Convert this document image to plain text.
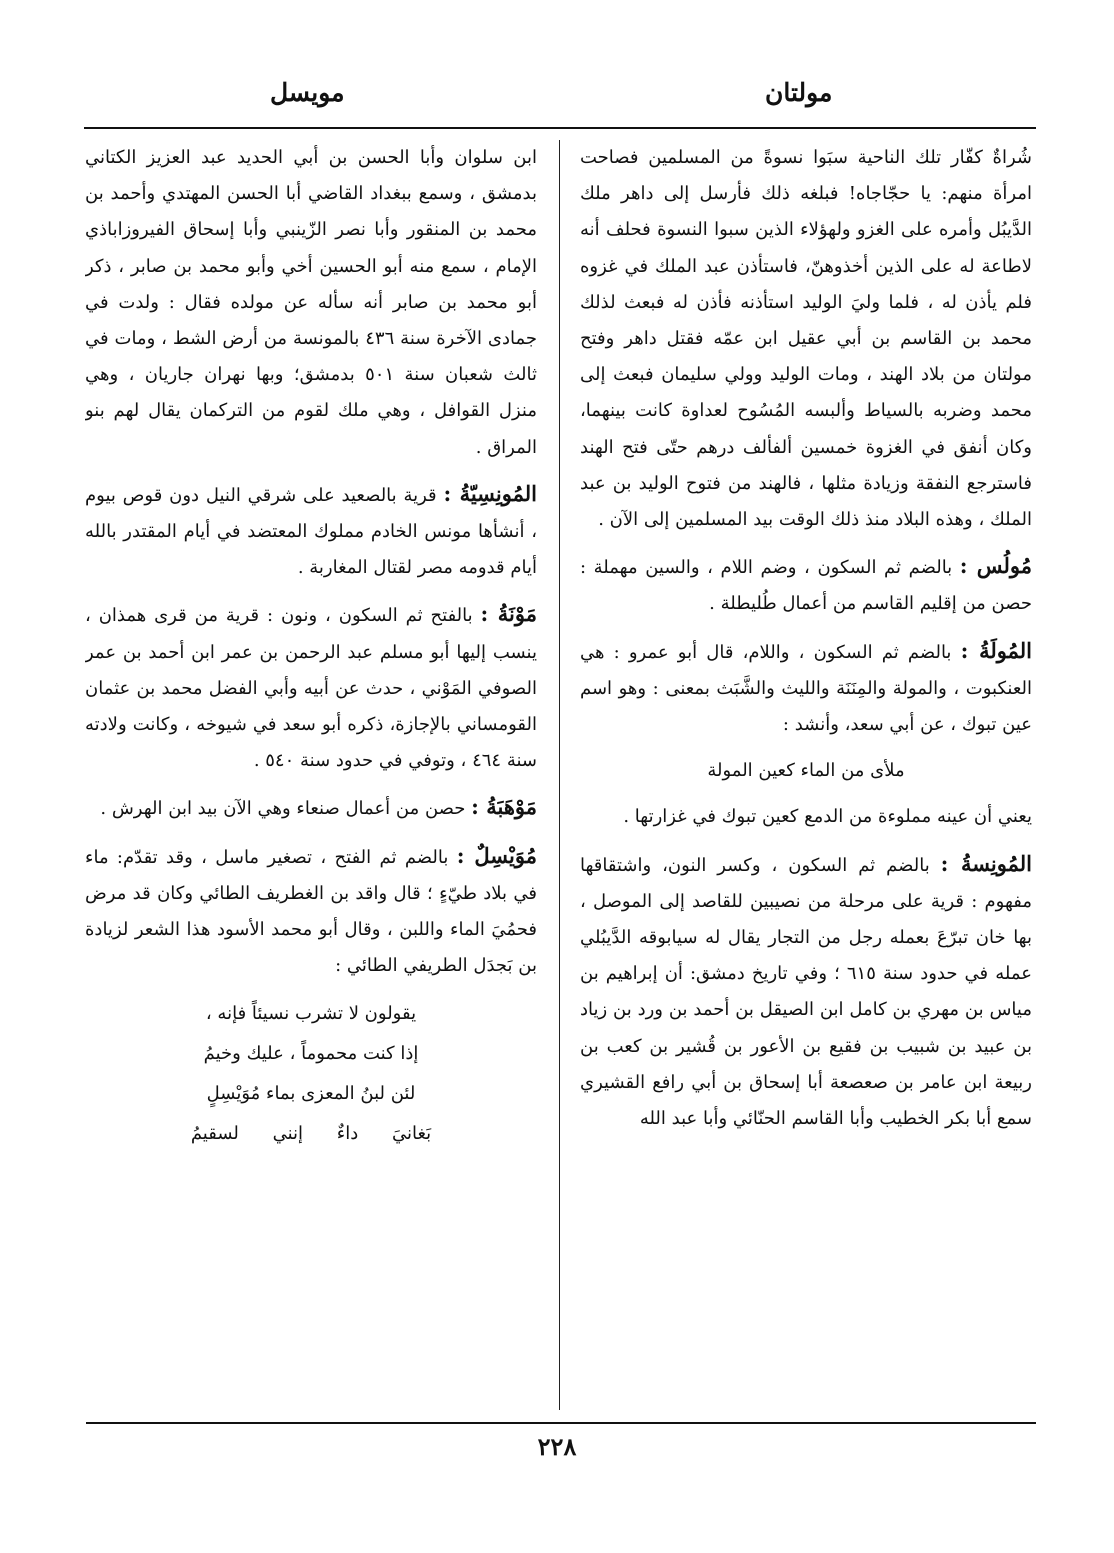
مويسل	مولتان

شُراةٌ كفّار تلك الناحية سبَوا نسوةً من المسلمين فصاحت امرأة منهم: يا حجّاجاه! فبلغه ذلك فأرسل إلى داهر ملك الدَّيبُل وأمره على الغزو ولهؤلاء الذين سبوا النسوة فحلف أنه لاطاعة له على الذين أخذوهنّ، فاستأذن عبد الملك في غزوه فلم يأذن له ، فلما وليَ الوليد استأذنه فأذن له فبعث لذلك محمد بن القاسم بن أبي عقيل ابن عمّه فقتل داهر وفتح مولتان من بلاد الهند ، ومات الوليد وولي سليمان فبعث إلى محمد وضربه بالسياط وألبسه المُسُوح لعداوة كانت بينهما، وكان أنفق في الغزوة خمسين ألفألف درهم حتّى فتح الهند فاسترجع النفقة وزيادة مثلها ، فالهند من فتوح الوليد بن عبد الملك ، وهذه البلاد منذ ذلك الوقت بيد المسلمين إلى الآن .

مُولُس : بالضم ثم السكون ، وضم اللام ، والسين مهملة : حصن من إقليم القاسم من أعمال طُليطلة .

المُولَةُ : بالضم ثم السكون ، واللام، قال أبو عمرو : هي العنكبوت ، والمولة والمِنَنَة والليث والشَّبَث بمعنى : وهو اسم عين تبوك ، عن أبي سعد، وأنشد :

ملأى من الماء كعين المولة

يعني أن عينه مملوءة من الدمع كعين تبوك في غزارتها .

المُونِسةُ : بالضم ثم السكون ، وكسر النون، واشتقاقها مفهوم : قرية على مرحلة من نصيبين للقاصد إلى الموصل ، بها خان تبرّعَ بعمله رجل من التجار يقال له سيابوقه الدَّيبُلي عمله في حدود سنة ٦١٥ ؛ وفي تاريخ دمشق: أن إبراهيم بن مياس بن مهري بن كامل ابن الصيقل بن أحمد بن ورد بن زياد بن عبيد بن شبيب بن فقيع بن الأعور بن قُشير بن كعب بن ربيعة ابن عامر بن صعصعة أبا إسحاق بن أبي رافع القشيري سمع أبا بكر الخطيب وأبا القاسم الحنّائي وأبا عبد الله

ابن سلوان وأبا الحسن بن أبي الحديد عبد العزيز الكتاني بدمشق ، وسمع ببغداد القاضي أبا الحسن المهتدي وأحمد بن محمد بن المنقور وأبا نصر الزّينبي وأبا إسحاق الفيروزاباذي الإمام ، سمع منه أبو الحسين أخي وأبو محمد بن صابر ، ذكر أبو محمد بن صابر أنه سأله عن مولده فقال : ولدت في جمادى الآخرة سنة ٤٣٦ بالمونسة من أرض الشط ، ومات في ثالث شعبان سنة ٥٠١ بدمشق؛ وبها نهران جاريان ، وهي منزل القوافل ، وهي ملك لقوم من التركمان يقال لهم بنو المراق .

المُونِسِيّةُ : قرية بالصعيد على شرقي النيل دون قوص بيوم ، أنشأها مونس الخادم مملوك المعتضد في أيام المقتدر بالله أيام قدومه مصر لقتال المغاربة .

مَوْنَةُ : بالفتح ثم السكون ، ونون : قرية من قرى همذان ، ينسب إليها أبو مسلم عبد الرحمن بن عمر ابن أحمد بن عمر الصوفي المَوْني ، حدث عن أبيه وأبي الفضل محمد بن عثمان القومساني بالإجازة، ذكره أبو سعد في شيوخه ، وكانت ولادته سنة ٤٦٤ ، وتوفي في حدود سنة ٥٤٠ .

مَوْهَبَةُ : حصن من أعمال صنعاء وهي الآن بيد ابن الهرش .

مُوَيْسِلٌ : بالضم ثم الفتح ، تصغير ماسل ، وقد تقدّم: ماء في بلاد طيّءٍ ؛ قال واقد بن الغطريف الطائي وكان قد مرض فحمُيَ الماء واللبن ، وقال أبو محمد الأسود هذا الشعر لزيادة بن بَجدَل الطريفي الطائي :

يقولون لا تشرب نسيئاً فإنه ،
إذا كنت محموماً ، عليك وخيمُ
لئن لبنُ المعزى بماء مُوَيْسِلٍ
بَغانيَ داءٌ إنني لسقيمُ
٢٢٨
